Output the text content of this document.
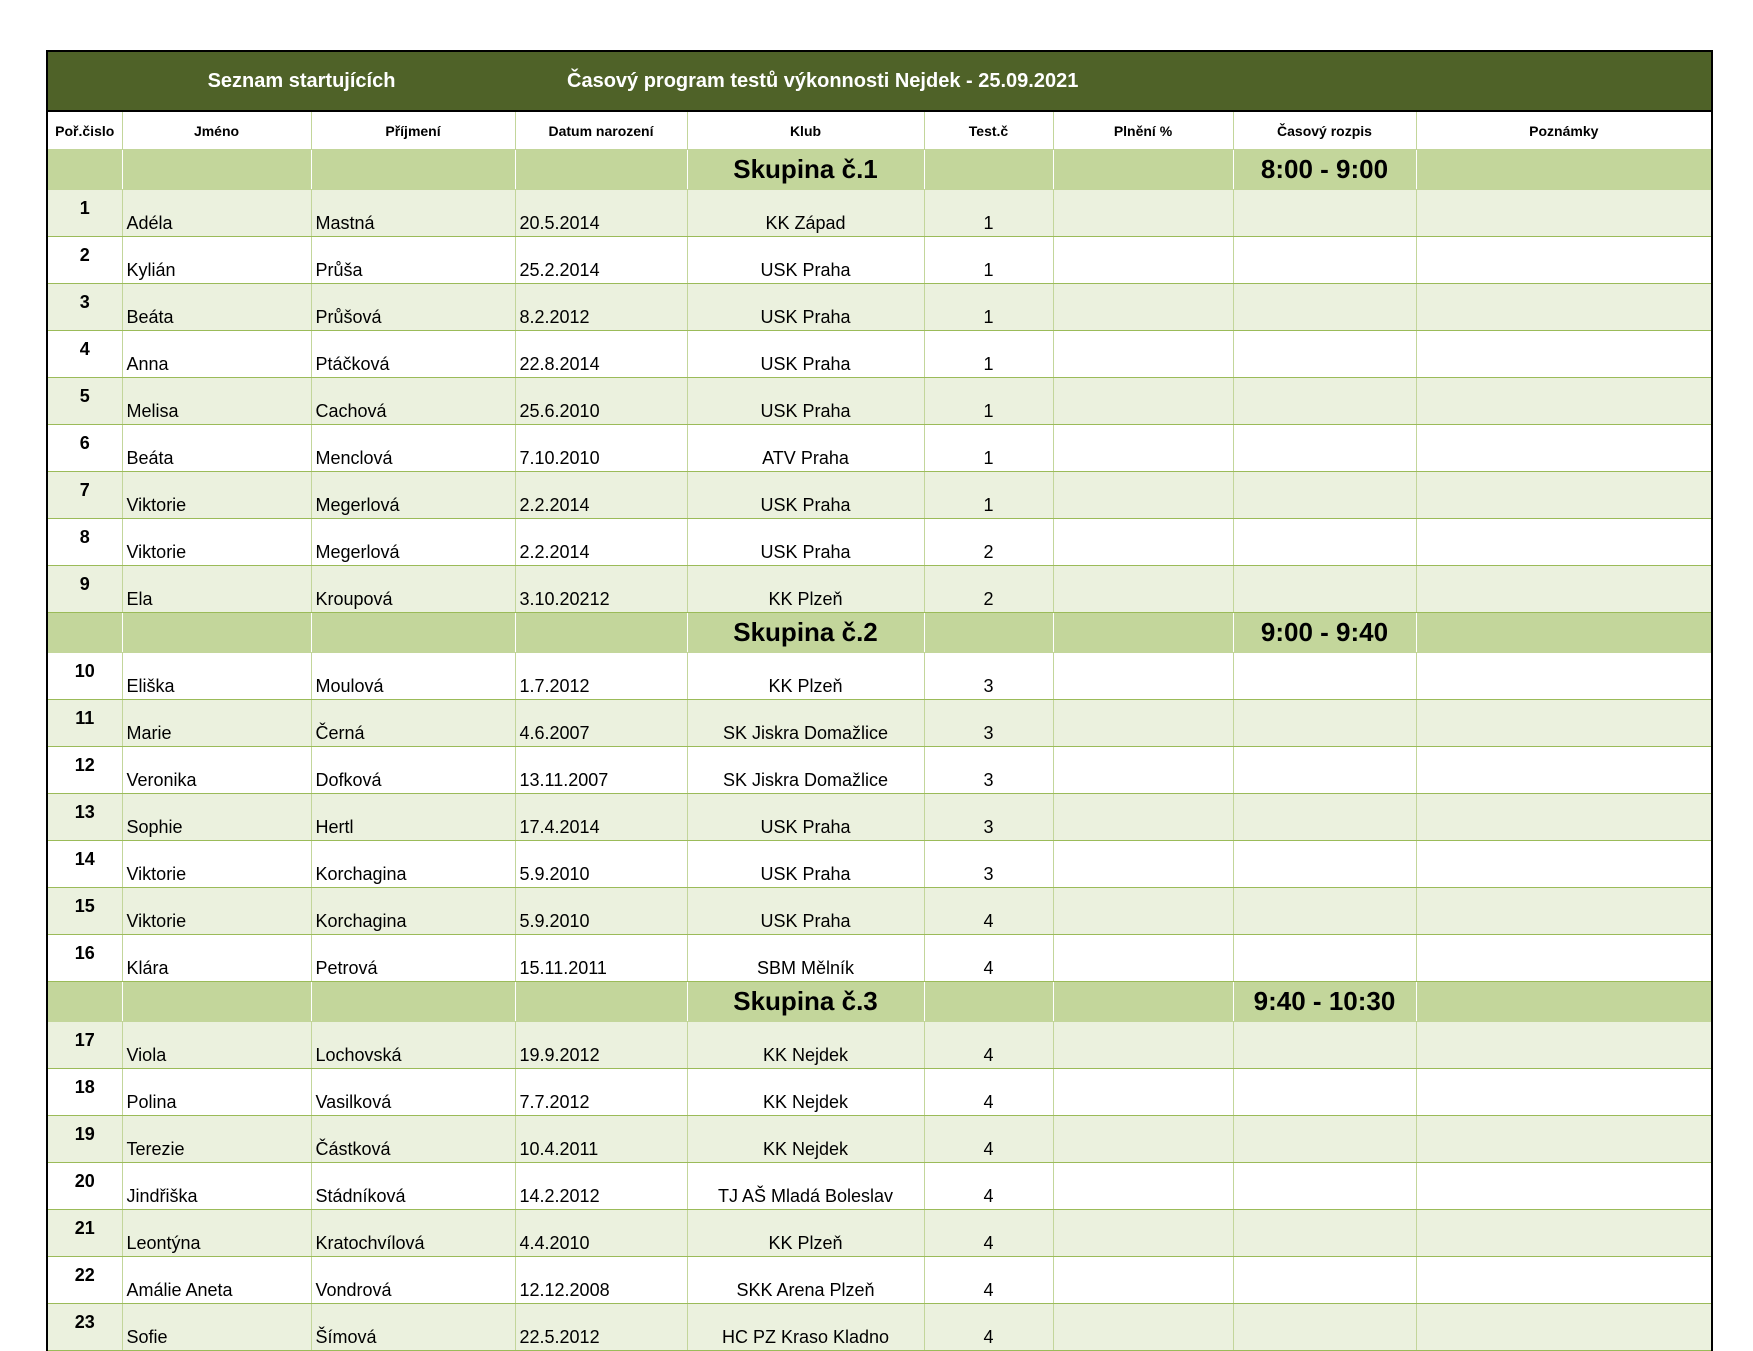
Seznam startujících			Časový program testů výkonnosti Nejdek - 25.09.2021					
Poř.čislo	Jméno	Příjmení	Datum narození	Klub	Test.č	Plnění %	Časový rozpis	Poznámky
				Skupina č.1			8:00 - 9:00	
1	Adéla	Mastná	20.5.2014	KK Západ	1			
2	Kylián	Průša	25.2.2014	USK Praha	1			
3	Beáta	Průšová	8.2.2012	USK Praha	1			
4	Anna	Ptáčková	22.8.2014	USK Praha	1			
5	Melisa	Cachová	25.6.2010	USK Praha	1			
6	Beáta	Menclová	7.10.2010	ATV Praha	1			
7	Viktorie	Megerlová	2.2.2014	USK Praha	1			
8	Viktorie	Megerlová	2.2.2014	USK Praha	2			
9	Ela	Kroupová	3.10.20212	KK Plzeň	2			
				Skupina č.2			9:00 - 9:40	
10	Eliška	Moulová	1.7.2012	KK Plzeň	3			
11	Marie	Černá	4.6.2007	SK Jiskra Domažlice	3			
12	Veronika	Dofková	13.11.2007	SK Jiskra Domažlice	3			
13	Sophie	Hertl	17.4.2014	USK Praha	3			
14	Viktorie	Korchagina	5.9.2010	USK Praha	3			
15	Viktorie	Korchagina	5.9.2010	USK Praha	4			
16	Klára	Petrová	15.11.2011	SBM Mělník	4			
				Skupina č.3			9:40 - 10:30	
17	Viola	Lochovská	19.9.2012	KK Nejdek	4			
18	Polina	Vasilková	7.7.2012	KK Nejdek	4			
19	Terezie	Částková	10.4.2011	KK Nejdek	4			
20	Jindřiška	Stádníková	14.2.2012	TJ AŠ Mladá Boleslav	4			
21	Leontýna	Kratochvílová	4.4.2010	KK Plzeň	4			
22	Amálie Aneta	Vondrová	12.12.2008	SKK Arena Plzeň	4			
23	Sofie	Šímová	22.5.2012	HC PZ Kraso Kladno	4			
